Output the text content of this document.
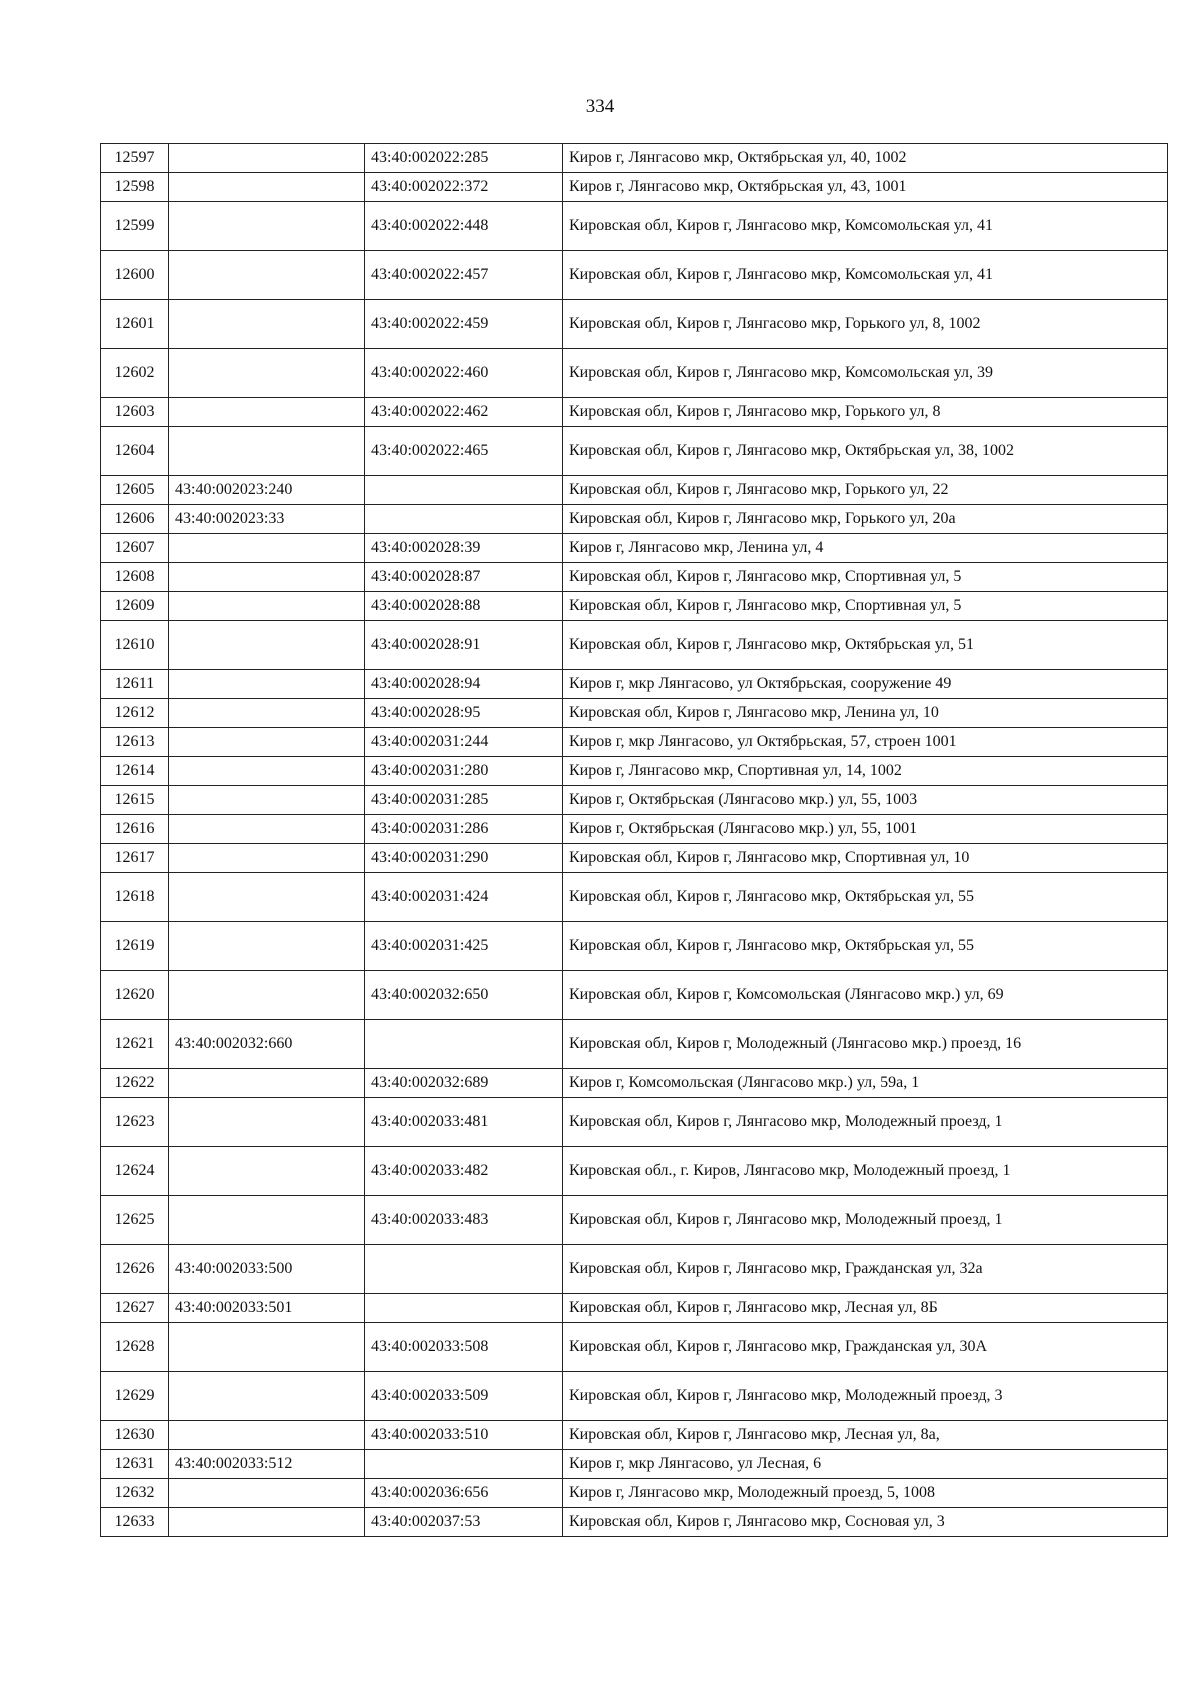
334
12597		43:40:002022:285	Киров г, Лянгасово мкр, Октябрьская ул, 40, 1002
12598		43:40:002022:372	Киров г, Лянгасово мкр, Октябрьская ул, 43, 1001
12599		43:40:002022:448	Кировская обл, Киров г, Лянгасово мкр, Комсомольская ул, 41
12600		43:40:002022:457	Кировская обл, Киров г, Лянгасово мкр, Комсомольская ул, 41
12601		43:40:002022:459	Кировская обл, Киров г, Лянгасово мкр, Горького ул, 8, 1002
12602		43:40:002022:460	Кировская обл, Киров г, Лянгасово мкр, Комсомольская ул, 39
12603		43:40:002022:462	Кировская обл, Киров г, Лянгасово мкр, Горького ул, 8
12604		43:40:002022:465	Кировская обл, Киров г, Лянгасово мкр, Октябрьская ул, 38, 1002
12605	43:40:002023:240		Кировская обл, Киров г, Лянгасово мкр, Горького ул, 22
12606	43:40:002023:33		Кировская обл, Киров г, Лянгасово мкр, Горького ул, 20а
12607		43:40:002028:39	Киров г, Лянгасово мкр, Ленина ул, 4
12608		43:40:002028:87	Кировская обл, Киров г, Лянгасово мкр, Спортивная ул, 5
12609		43:40:002028:88	Кировская обл, Киров г, Лянгасово мкр, Спортивная ул, 5
12610		43:40:002028:91	Кировская обл, Киров г, Лянгасово мкр, Октябрьская ул, 51
12611		43:40:002028:94	Киров г, мкр Лянгасово, ул Октябрьская, сооружение 49
12612		43:40:002028:95	Кировская обл, Киров г, Лянгасово мкр, Ленина ул, 10
12613		43:40:002031:244	Киров г, мкр Лянгасово, ул Октябрьская, 57, строен 1001
12614		43:40:002031:280	Киров г, Лянгасово мкр, Спортивная ул, 14, 1002
12615		43:40:002031:285	Киров г, Октябрьская (Лянгасово мкр.) ул, 55, 1003
12616		43:40:002031:286	Киров г, Октябрьская (Лянгасово мкр.) ул, 55, 1001
12617		43:40:002031:290	Кировская обл, Киров г, Лянгасово мкр, Спортивная ул, 10
12618		43:40:002031:424	Кировская обл, Киров г, Лянгасово мкр, Октябрьская ул, 55
12619		43:40:002031:425	Кировская обл, Киров г, Лянгасово мкр, Октябрьская ул, 55
12620		43:40:002032:650	Кировская обл, Киров г, Комсомольская (Лянгасово мкр.) ул, 69
12621	43:40:002032:660		Кировская обл, Киров г, Молодежный (Лянгасово мкр.) проезд, 16
12622		43:40:002032:689	Киров г, Комсомольская (Лянгасово мкр.) ул, 59а, 1
12623		43:40:002033:481	Кировская обл, Киров г, Лянгасово мкр, Молодежный проезд, 1
12624		43:40:002033:482	Кировская обл., г. Киров, Лянгасово мкр, Молодежный проезд, 1
12625		43:40:002033:483	Кировская обл, Киров г, Лянгасово мкр, Молодежный проезд, 1
12626	43:40:002033:500		Кировская обл, Киров г, Лянгасово мкр, Гражданская ул, 32а
12627	43:40:002033:501		Кировская обл, Киров г, Лянгасово мкр, Лесная ул, 8Б
12628		43:40:002033:508	Кировская обл, Киров г, Лянгасово мкр, Гражданская ул, 30А
12629		43:40:002033:509	Кировская обл, Киров г, Лянгасово мкр, Молодежный проезд, 3
12630		43:40:002033:510	Кировская обл, Киров г, Лянгасово мкр, Лесная ул, 8а,
12631	43:40:002033:512		Киров г, мкр Лянгасово, ул Лесная, 6
12632		43:40:002036:656	Киров г, Лянгасово мкр, Молодежный проезд, 5, 1008
12633		43:40:002037:53	Кировская обл, Киров г, Лянгасово мкр, Сосновая ул, 3
